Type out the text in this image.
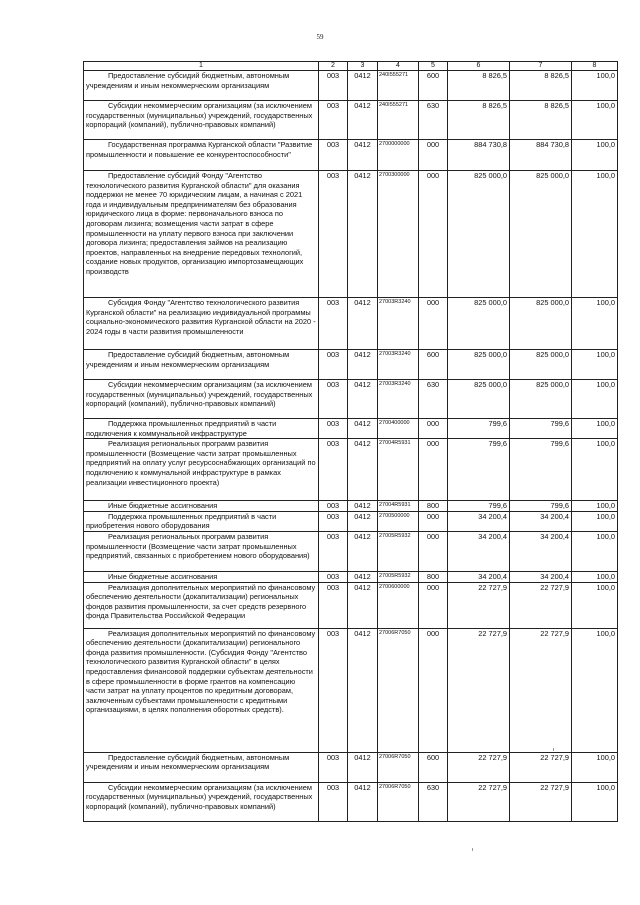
59
1	2	3	4	5	6	7	8
Предоставление субсидий бюджетным, автономным учреждениям и иным некоммерческим организациям	003	0412	240I555271	600	8 826,5	8 826,5	100,0
Субсидии некоммерческим организациям (за исключением государственных (муниципальных) учреждений, государственных корпораций (компаний), публично-правовых компаний)	003	0412	240I555271	630	8 826,5	8 826,5	100,0
Государственная программа Курганской области "Развитие промышленности и повышение ее конкурентоспособности"	003	0412	2700000000	000	884 730,8	884 730,8	100,0
Предоставление субсидий Фонду "Агентство технологического развития Курганской области" для оказания поддержки не менее 70 юридическим лицам, а начиная с 2021 года и индивидуальным предпринимателям без образования юридического лица в форме: первоначального взноса по договорам лизинга; возмещения части затрат в сфере промышленности на уплату первого взноса при заключении договора лизинга; предоставления займов на реализацию проектов, направленных на внедрение передовых технологий, создание новых продуктов, организацию импортозамещающих производств	003	0412	2700300000	000	825 000,0	825 000,0	100,0
Субсидия Фонду "Агентство технологического развития Курганской области" на реализацию индивидуальной программы социально-экономического развития Курганской области на 2020 - 2024 годы в части развития промышленности	003	0412	27003R3240	000	825 000,0	825 000,0	100,0
Предоставление субсидий бюджетным, автономным учреждениям и иным некоммерческим организациям	003	0412	27003R3240	600	825 000,0	825 000,0	100,0
Субсидии некоммерческим организациям (за исключением государственных (муниципальных) учреждений, государственных корпораций (компаний), публично-правовых компаний)	003	0412	27003R3240	630	825 000,0	825 000,0	100,0
Поддержка промышленных предприятий в части подключения к коммунальной инфраструктуре	003	0412	2700400000	000	799,6	799,6	100,0
Реализация региональных программ развития промышленности (Возмещение части затрат промышленных предприятий на оплату услуг ресурсоснабжающих организаций по подключению к коммунальной инфраструктуре в рамках реализации инвестиционного проекта)	003	0412	27004R5931	000	799,6	799,6	100,0
Иные бюджетные ассигнования	003	0412	27004R5931	800	799,6	799,6	100,0
Поддержка промышленных предприятий в части приобретения нового оборудования	003	0412	2700500000	000	34 200,4	34 200,4	100,0
Реализация региональных программ развития промышленности (Возмещение части затрат промышленных предприятий, связанных с приобретением нового оборудования)	003	0412	27005R5932	000	34 200,4	34 200,4	100,0
Иные бюджетные ассигнования	003	0412	27005R5932	800	34 200,4	34 200,4	100,0
Реализация дополнительных мероприятий по финансовому обеспечению деятельности (докапитализации) региональных фондов развития промышленности, за счет средств резервного фонда Правительства Российской Федерации	003	0412	2700600000	000	22 727,9	22 727,9	100,0
Реализация дополнительных мероприятий по финансовому обеспечению деятельности (докапитализации) регионального фонда развития промышленности. (Субсидия Фонду "Агентство технологического развития Курганской области" в целях предоставления финансовой поддержки субъектам деятельности в сфере промышленности в форме грантов на компенсацию части затрат на уплату процентов по кредитным договорам, заключенным субъектами промышленности с кредитными организациями, в целях пополнения оборотных средств).	003	0412	27006R7050	000	22 727,9	22 727,9	100,0
Предоставление субсидий бюджетным, автономным учреждениям и иным некоммерческим организациям	003	0412	27006R7050	600	22 727,9	22 727,9	100,0
Субсидии некоммерческим организациям (за исключением государственных (муниципальных) учреждений, государственных корпораций (компаний), публично-правовых компаний)	003	0412	27006R7050	630	22 727,9	22 727,9	100,0
